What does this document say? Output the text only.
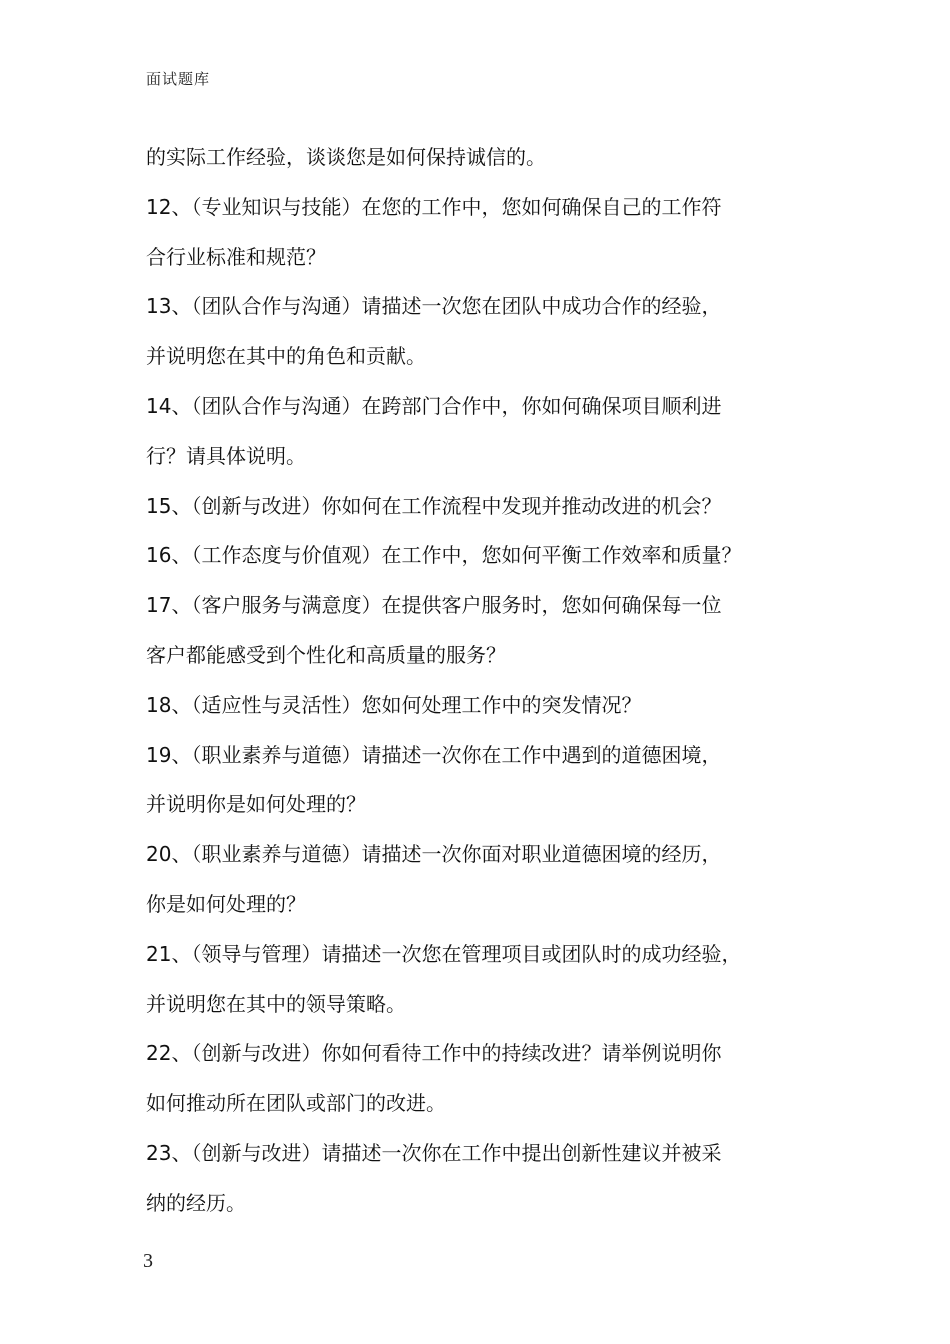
面试题库
的实际工作经验，谈谈您是如何保持诚信的。
12、（专业知识与技能）在您的工作中，您如何确保自己的工作符
合行业标准和规范？
13、（团队合作与沟通）请描述一次您在团队中成功合作的经验，
并说明您在其中的角色和贡献。
14、（团队合作与沟通）在跨部门合作中，你如何确保项目顺利进
行？请具体说明。
15、（创新与改进）你如何在工作流程中发现并推动改进的机会？
16、（工作态度与价值观）在工作中，您如何平衡工作效率和质量？
17、（客户服务与满意度）在提供客户服务时，您如何确保每一位
客户都能感受到个性化和高质量的服务？
18、（适应性与灵活性）您如何处理工作中的突发情况？
19、（职业素养与道德）请描述一次你在工作中遇到的道德困境，
并说明你是如何处理的？
20、（职业素养与道德）请描述一次你面对职业道德困境的经历，
你是如何处理的？
21、（领导与管理）请描述一次您在管理项目或团队时的成功经验，
并说明您在其中的领导策略。
22、（创新与改进）你如何看待工作中的持续改进？请举例说明你
如何推动所在团队或部门的改进。
23、（创新与改进）请描述一次你在工作中提出创新性建议并被采
纳的经历。
3
